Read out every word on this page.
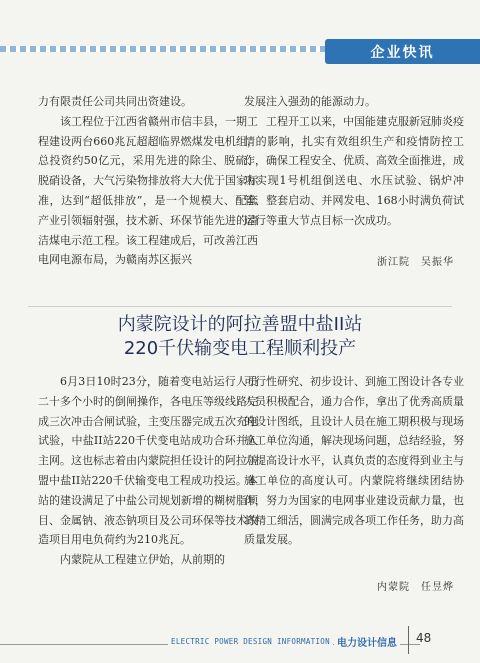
企业快讯

力有限责任公司共同出资建设。

该工程位于江西省赣州市信丰县，一期工程建设两台660兆瓦超超临界燃煤发电机组，总投资约50亿元，采用先进的除尘、脱硫、脱硝设备，大气污染物排放将大大优于国家标准，达到“超低排放”，是一个规模大、配套产业引领辐射强，技术新、环保节能先进的清洁煤电示范工程。该工程建成后，可改善江西电网电源布局，为赣南苏区振兴

发展注入强劲的能源动力。

工程开工以来，中国能建克服新冠肺炎疫情的影响，扎实有效组织生产和疫情防控工作，确保工程安全、优质、高效全面推进，成功实现1号机组倒送电、水压试验、锅炉冲管、整套启动、并网发电、168小时满负荷试运行等重大节点目标一次成功。

浙江院　吴振华
内蒙院设计的阿拉善盟中盐II站
220千伏输变电工程顺利投产

6月3日10时23分，随着变电站运行人员二十多个小时的倒闸操作，各电压等级线路完成三次冲击合闸试验，主变压器完成五次充电试验，中盐II站220千伏变电站成功合环并入主网。这也标志着由内蒙院担任设计的阿拉善盟中盐II站220千伏输变电工程成功投运。本站的建设满足了中盐公司规划新增的糊树脂项目、金属钠、液态钠项目及公司环保等技术改造项目用电负荷约为210兆瓦。

内蒙院从工程建立伊始，从前期的

可行性研究、初步设计、到施工图设计各专业人员积极配合，通力合作，拿出了优秀高质量的设计图纸，且设计人员在施工期积极与现场施工单位沟通，解决现场问题，总结经验，努力提高设计水平，认真负责的态度得到业主与施工单位的高度认可。内蒙院将继续团结协作，努力为国家的电网事业建设贡献力量，也将精工细活，圆满完成各项工作任务，助力高质量发展。

内蒙院　任昱烨
ELECTRIC POWER DESIGN INFORMATION 电力设计信息 48
